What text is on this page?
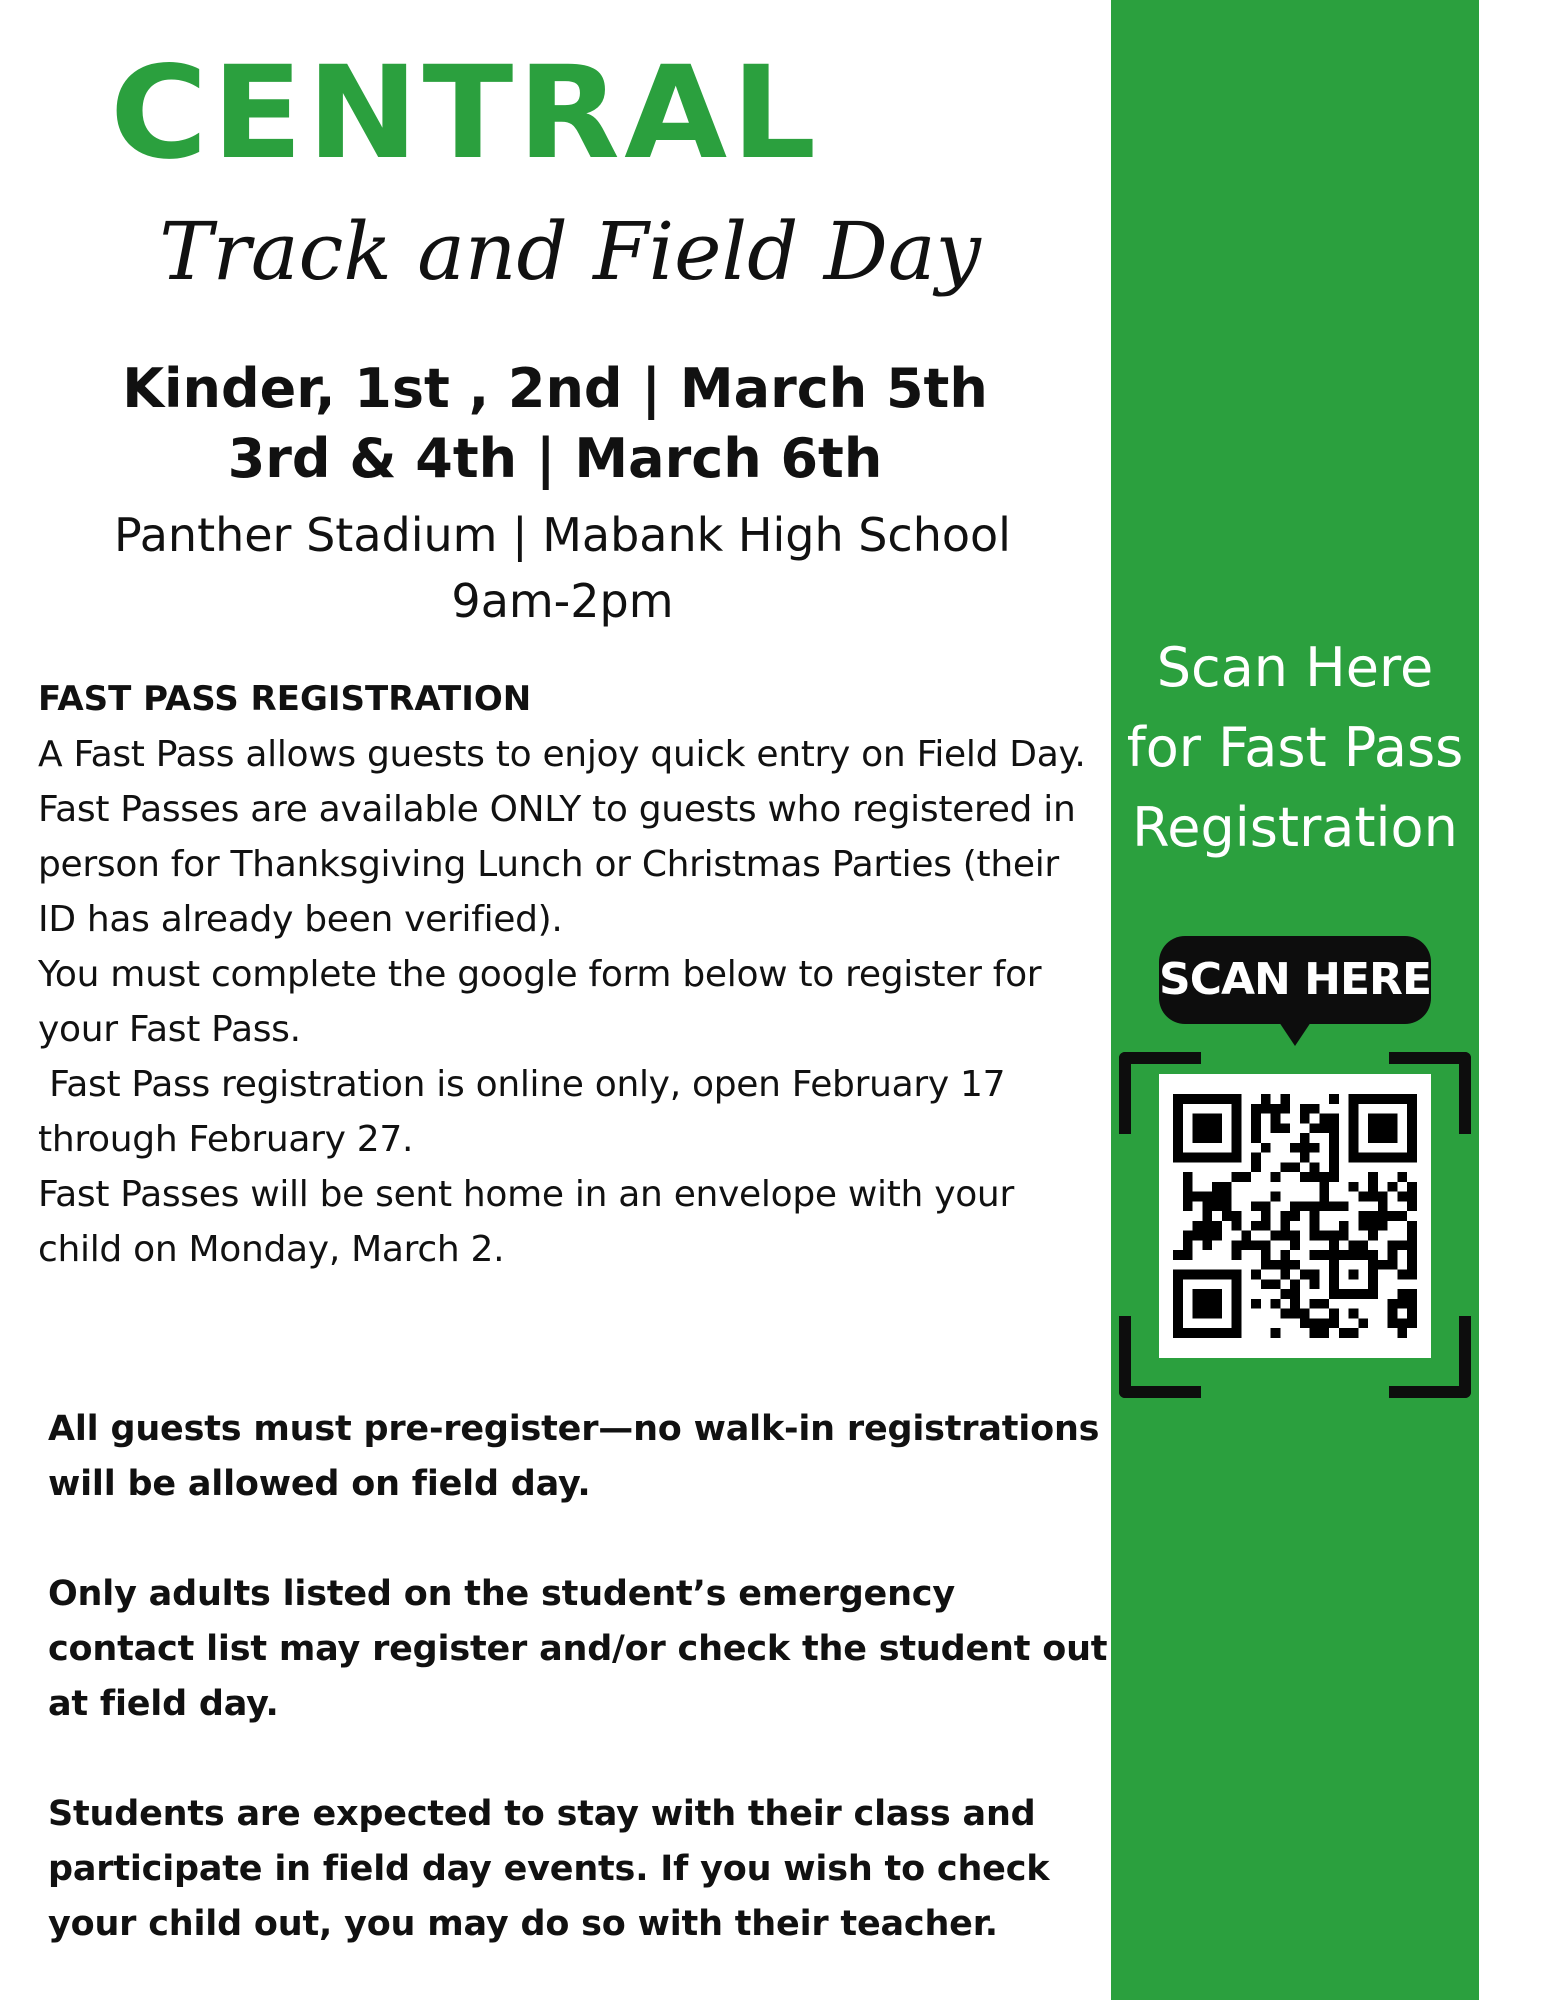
CENTRAL
Track and Field Day
Kinder, 1st , 2nd | March 5th
3rd & 4th | March 6th
Panther Stadium | Mabank High School
9am-2pm
FAST PASS REGISTRATION

A Fast Pass allows guests to enjoy quick entry on Field Day.

Fast Passes are available ONLY to guests who registered in person for Thanksgiving Lunch or Christmas Parties (their ID has already been verified).

You must complete the google form below to register for your Fast Pass.

Fast Pass registration is online only, open February 17 through February 27.

Fast Passes will be sent home in an envelope with your child on Monday, March 2.

All guests must pre-register—no walk-in registrations will be allowed on field day.

Only adults listed on the student’s emergency contact list may register and/or check the student out at field day.

Students are expected to stay with their class and participate in field day events. If you wish to check your child out, you may do so with their teacher.

Scan Here
for Fast Pass
Registration
SCAN HERE
